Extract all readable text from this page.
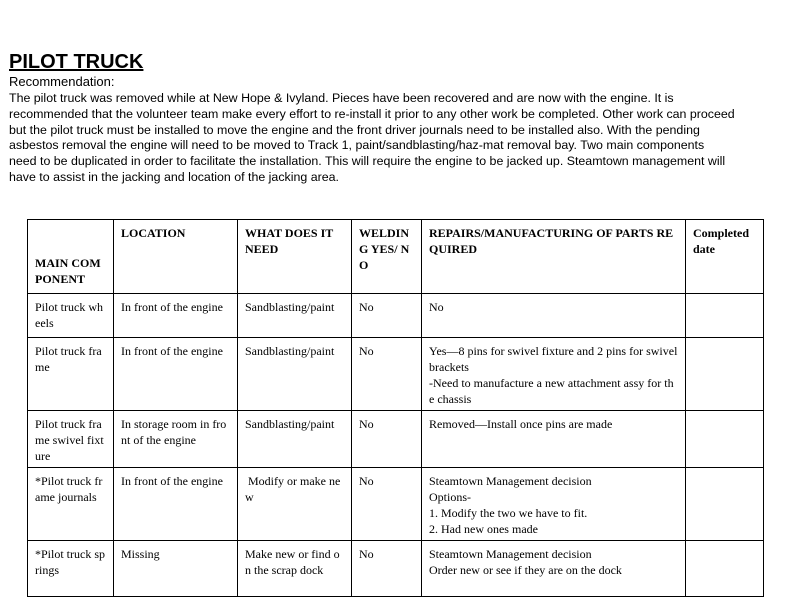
PILOT TRUCK
Recommendation:

The pilot truck was removed while at New Hope & Ivyland. Pieces have been recovered and are now with the engine. It is
recommended that the volunteer team make every effort to re-install it prior to any other work be completed. Other work can proceed
but the pilot truck must be installed to move the engine and the front driver journals need to be installed also. With the pending
asbestos removal the engine will need to be moved to Track 1, paint/sandblasting/haz-mat removal bay. Two main components
need to be duplicated in order to facilitate the installation. This will require the engine to be jacked up. Steamtown management will
have to assist in the jacking and location of the jacking area.

MAIN COMPONENT	LOCATION	WHAT DOES IT NEED	WELDING YES/ NO	REPAIRS/MANUFACTURING OF PARTS REQUIRED	Completed date
Pilot truck wheels	In front of the engine	Sandblasting/paint	No	No	
Pilot truck frame	In front of the engine	Sandblasting/paint	No	Yes—8 pins for swivel fixture and 2 pins for swivel brackets
-Need to manufacture a new attachment assy for the chassis	
Pilot truck frame swivel fixture	In storage room in front of the engine	Sandblasting/paint	No	Removed—Install once pins are made	
*Pilot truck frame journals	In front of the engine	Modify or make new	No	Steamtown Management decision
Options-
1. Modify the two we have to fit.
2. Had new ones made	
*Pilot truck springs	Missing	Make new or find on the scrap dock	No	Steamtown Management decision
Order new or see if they are on the dock	
